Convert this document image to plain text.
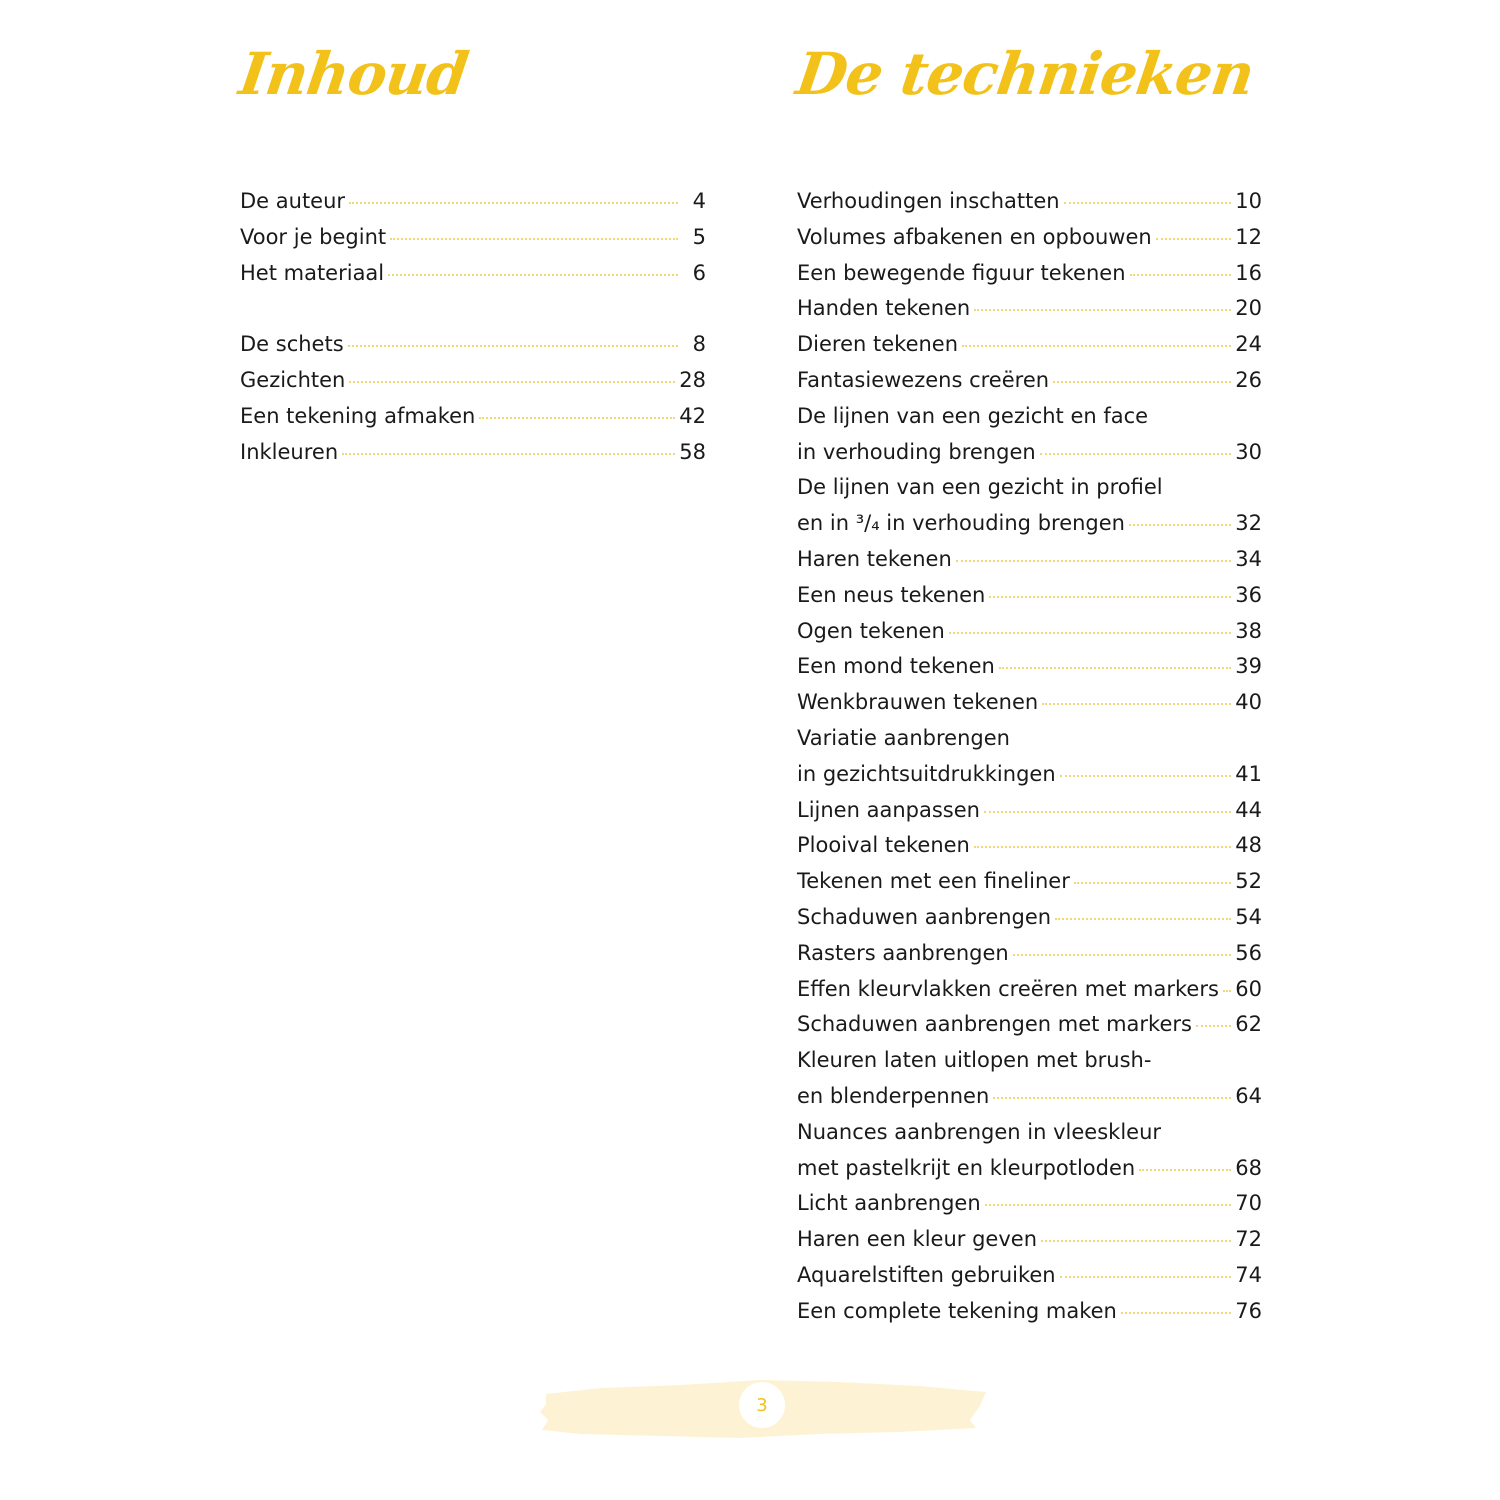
Inhoud	De technieken
De auteur	4
Voor je begint	5
Het materiaal	6
De schets	8
Gezichten	28
Een tekening afmaken	42
Inkleuren	58
Verhoudingen inschatten	10
Volumes afbakenen en opbouwen	12
Een bewegende figuur tekenen	16
Handen tekenen	20
Dieren tekenen	24
Fantasiewezens creëren	26
De lijnen van een gezicht en face
in verhouding brengen	30
De lijnen van een gezicht in profiel
en in ³/₄ in verhouding brengen	32
Haren tekenen	34
Een neus tekenen	36
Ogen tekenen	38
Een mond tekenen	39
Wenkbrauwen tekenen	40
Variatie aanbrengen
in gezichtsuitdrukkingen	41
Lijnen aanpassen	44
Plooival tekenen	48
Tekenen met een fineliner	52
Schaduwen aanbrengen	54
Rasters aanbrengen	56
Effen kleurvlakken creëren met markers 60
Schaduwen aanbrengen met markers 62
Kleuren laten uitlopen met brush-
en blenderpennen	64
Nuances aanbrengen in vleeskleur
met pastelkrijt en kleurpotloden	68
Licht aanbrengen	70
Haren een kleur geven	72
Aquarelstiften gebruiken	74
Een complete tekening maken	76
3
